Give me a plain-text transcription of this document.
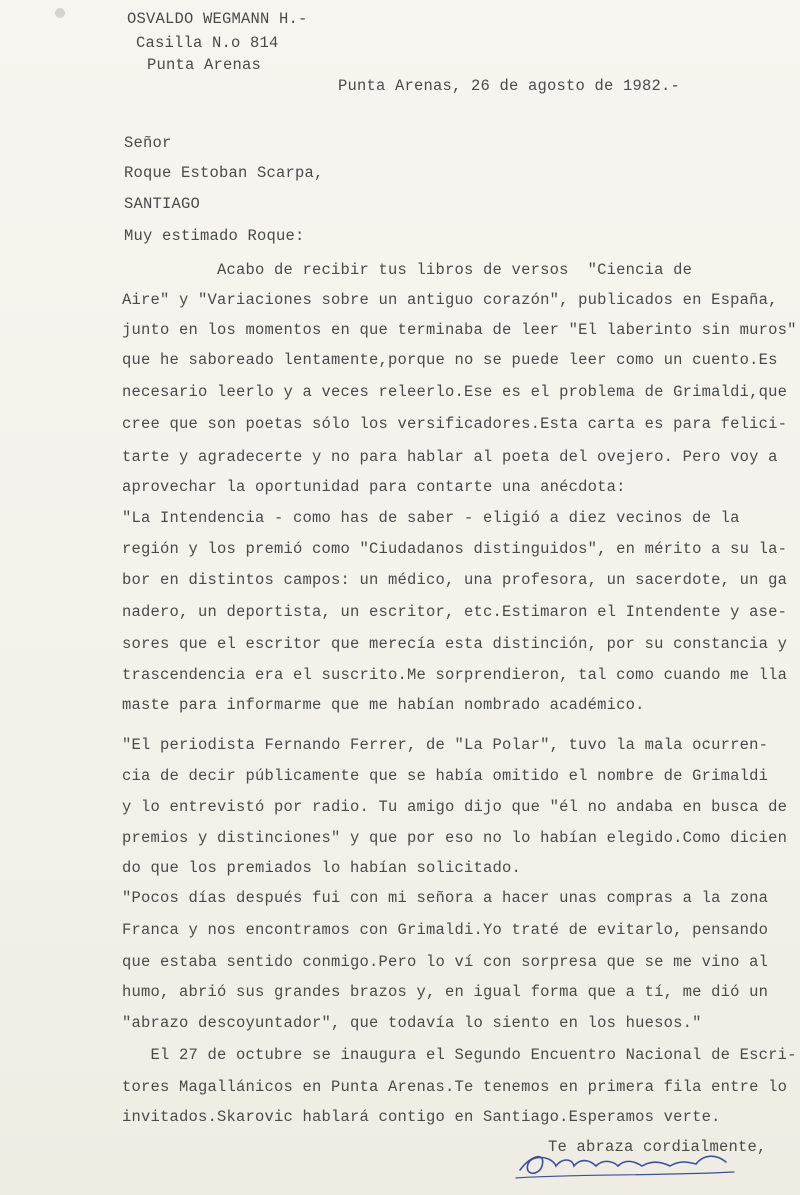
OSVALDO WEGMANN H.-
Casilla N.o 814
Punta Arenas
Punta Arenas, 26 de agosto de 1982.-
Señor
Roque Estoban Scarpa,
SANTIAGO
Muy estimado Roque:
Acabo de recibir tus libros de versos  "Ciencia de
Aire" y "Variaciones sobre un antiguo corazón", publicados en España,
junto en los momentos en que terminaba de leer "El laberinto sin muros"
que he saboreado lentamente,porque no se puede leer como un cuento.Es
necesario leerlo y a veces releerlo.Ese es el problema de Grimaldi,que
cree que son poetas sólo los versificadores.Esta carta es para felici-
tarte y agradecerte y no para hablar al poeta del ovejero. Pero voy a
aprovechar la oportunidad para contarte una anécdota:
"La Intendencia - como has de saber - eligió a diez vecinos de la
región y los premió como "Ciudadanos distinguidos", en mérito a su la-
bor en distintos campos: un médico, una profesora, un sacerdote, un ga
nadero, un deportista, un escritor, etc.Estimaron el Intendente y ase-
sores que el escritor que merecía esta distinción, por su constancia y
trascendencia era el suscrito.Me sorprendieron, tal como cuando me lla
maste para informarme que me habían nombrado académico.
"El periodista Fernando Ferrer, de "La Polar", tuvo la mala ocurren-
cia de decir públicamente que se había omitido el nombre de Grimaldi
y lo entrevistó por radio. Tu amigo dijo que "él no andaba en busca de
premios y distinciones" y que por eso no lo habían elegido.Como dicien
do que los premiados lo habían solicitado.
"Pocos días después fui con mi señora a hacer unas compras a la zona
Franca y nos encontramos con Grimaldi.Yo traté de evitarlo, pensando
que estaba sentido conmigo.Pero lo ví con sorpresa que se me vino al
humo, abrió sus grandes brazos y, en igual forma que a tí, me dió un
"abrazo descoyuntador", que todavía lo siento en los huesos."
El 27 de octubre se inaugura el Segundo Encuentro Nacional de Escri-
tores Magallánicos en Punta Arenas.Te tenemos en primera fila entre lo
invitados.Skarovic hablará contigo en Santiago.Esperamos verte.
Te abraza cordialmente,
